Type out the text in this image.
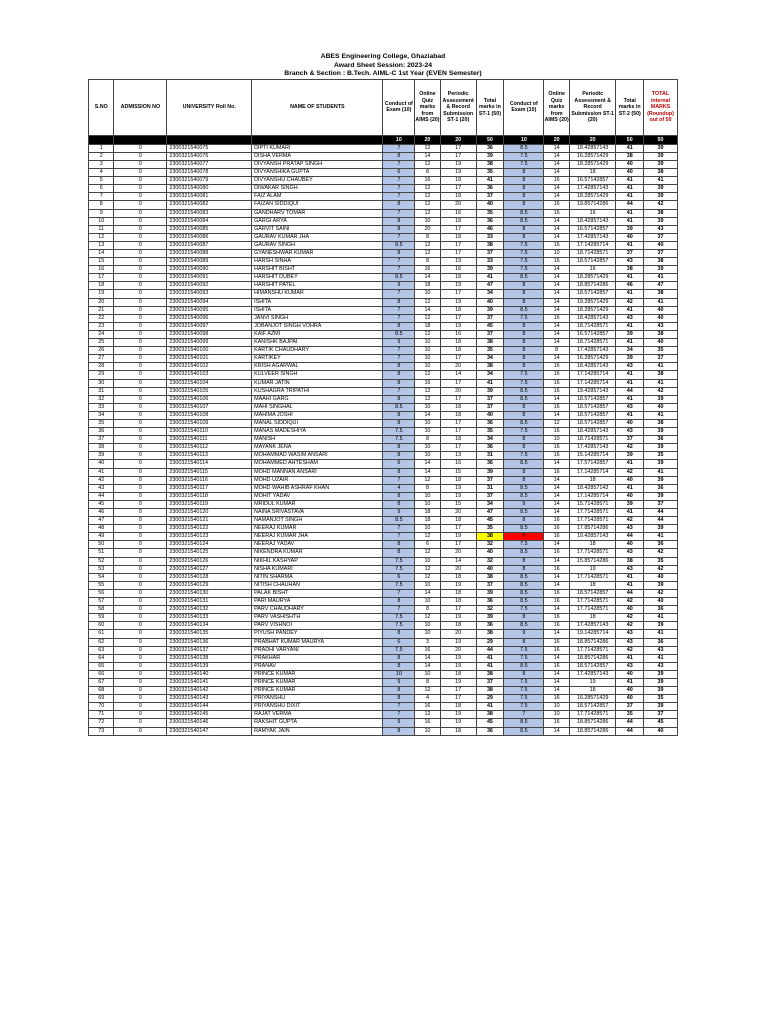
ABES Engineering College, Ghaziabad
Award Sheet Session: 2023-24
Branch & Section : B.Tech. AIML-C 1st Year (EVEN Semester)
S.NO	ADMISSION NO	UNIVERSITY Roll No.	NAME OF STUDENTS	Conduct of Exam (10)	Online Quiz marks from AIMS (20)	Periodic Assessment & Record Submission ST-1 (20)	Total marks in ST-1 (50)	Conduct of Exam (10)	Online Quiz marks from AIMS (20)	Periodic Assessment & Record Submission ST-1 (20)	Total marks in ST-2 (50)	TOTAL internal MARKS (Roundup) out of 50
				10	20	20	50	10	20	20	50	50
1	0	2300321540075	DIPTI KUMARI	7	12	17	36	8.5	14	18.42857143	41	39
2	0	2300321540076	DISHA VERMA	8	14	17	39	7.5	14	16.28571429	38	39
3	0	2300321540077	DIVYANSH PRATAP SINGH	7	12	19	38	7.5	14	18.28571429	40	39
4	0	2300321540078	DIVYANSHIKA GUPTA	6	8	19	35	8	14	18	40	38
5	0	2300321540079	DIVYANSHU CHAUBEY	7	16	18	41	8	16	16.57142857	41	41
6	0	2300321540080	DIWAKAR SINGH	7	12	17	36	8	14	17.42857143	41	39
7	0	2300321540081	FAIZ ALAM	7	12	18	37	8	14	18.28571429	41	39
8	0	2300321540082	FAIZAN SIDDIQUI	8	12	20	40	8	16	19.85714286	44	42
9	0	2300321540083	GANDHARV TOMAR	7	12	16	35	8.5	16	16	41	38
10	0	2300321540084	GARGI ARYA	8	10	18	36	8.5	14	18.42857143	41	39
11	0	2300321540085	GARVIT SAINI	8	20	17	46	8	14	16.57142857	39	43
12	0	2300321540086	GAURAV KUMAR JHA	7	8	18	33	8	14	17.42857143	40	37
13	0	2300321540087	GAURAV SINGH	8.5	12	17	38	7.5	16	17.14285714	41	40
14	0	2300321540088	GYANESHWAR KUMAR	8	12	17	37	7.5	10	18.71428571	37	37
15	0	2300321540089	HARSH SINHA	7	8	19	33	7.5	16	18.57142857	43	38
16	0	2300321540090	HARSHIT BISHT	7	16	16	39	7.5	14	16	38	39
17	0	2300321540091	HARSHIT DUBEY	8.5	14	18	41	8.5	14	18.28571429	41	41
18	0	2300321540092	HARSHIT PATEL	9	18	19	47	8	14	18.85714286	46	47
19	0	2300321540093	HIMANSHU KUMAR	7	10	17	34	8	14	18.57142857	41	38
20	0	2300321540094	ISHITA	8	12	19	40	8	14	19.28571429	42	41
21	0	2300321540095	ISHITA	7	14	18	39	8.5	14	18.28571429	41	40
22	0	2300321540096	JANVI SINGH	7	12	17	37	7.5	16	18.42857143	43	40
23	0	2300321540097	JOBANJOT SINGH VOHRA	8	18	19	45	8	14	18.71428571	41	43
24	0	2300321540098	KAIF AZMI	8.5	12	16	37	8	14	16.57142857	39	38
25	0	2300321540099	KANISHK BAJPAI	9	10	18	38	8	14	18.71428571	41	40
26	0	2300321540100	KARTIK CHAUDHARY	7	10	18	35	8	8	17.42857143	34	35
27	0	2300321540101	KARTIKEY	7	10	17	34	8	14	16.28571429	39	37
28	0	2300321540102	KRISH AGARWAL	8	10	20	38	8	16	18.42857143	43	41
29	0	2300321540103	KULVEER SINGH	8	12	14	34	7.5	16	17.14285714	41	38
30	0	2300321540104	KUMAR JATIN	8	16	17	41	7.5	16	17.14285714	41	41
31	0	2300321540105	KUSHAGRA TRIPATHI	7	12	20	39	8.5	16	19.42857143	44	42
32	0	2300321540106	MAAHI GARG	8	12	17	37	8.5	14	18.57142857	41	39
33	0	2300321540107	MAHI SINGHAL	8.5	10	18	37	8	16	18.57142857	43	40
34	0	2300321540108	MAHIMA JOSHI	8	14	18	40	8	14	18.57142857	41	41
35	0	2300321540109	MANAL SIDDIQUI	8	10	17	36	8.5	12	18.57142857	40	38
36	0	2300321540110	MANAS MADESHIYA	7.5	10	17	35	7.5	16	18.42857143	43	39
37	0	2300321540111	MANISH	7.5	8	18	34	8	10	18.71428571	37	36
38	0	2300321540112	MAYANK JENA	8	10	17	36	8	16	17.42857143	42	39
39	0	2300321540113	MOHAMMAD WASIM ANSARI	8	10	13	31	7.5	16	15.14285714	39	35
40	0	2300321540114	MOHAMMED AHTESHAM	6	14	16	36	8.5	14	17.57142857	41	39
41	0	2300321540115	MOHD MANNAN ANSARI	8	14	15	39	8	16	17.14285714	42	41
42	0	2300321540116	MOHD UZAIR	7	12	18	37	8	14	18	40	39
43	0	2300321540117	MOHD WAHIB ASHRAF KHAN	4	8	19	31	8.5	14	18.42857143	41	36
44	0	2300321540118	MOHIT YADAV	8	10	19	37	8.5	14	17.14285714	40	39
45	0	2300321540119	MRIDUL KUMAR	8	10	15	34	9	14	15.71428571	39	37
46	0	2300321540120	NAINA SRIVASTAVA	9	18	20	47	8.5	14	17.71428571	41	44
47	0	2300321540121	NAMANJOT SINGH	8.5	18	18	45	8	16	17.71428571	42	44
48	0	2300321540122	NEERAJ KUMAR	7	10	17	35	8.5	16	17.85714286	43	39
49	0	2300321540123	NEERAJ KUMAR JHA	7	12	19	38	9	16	19.42857143	44	41
50	0	2300321540124	NEERAJ YADAV	8	6	17	32	7.5	14	18	40	36
51	0	2300321540125	NIKENDRA KUMAR	8	12	20	40	8.5	16	17.71428571	43	42
52	0	2300321540126	NIKHIL KASHYAP	7.5	10	14	32	8	14	15.85714286	38	35
53	0	2300321540127	NISHA KUMARI	7.5	12	20	40	8	16	19	43	42
54	0	2300321540128	NITIN SHARMA	6	12	18	38	8.5	14	17.71428571	41	40
55	0	2300321540129	NITISH CHAUHAN	7.5	10	19	37	8.5	14	18	41	39
56	0	2300321540130	PALAK BISHT	7	14	18	39	8.5	16	18.57142857	44	42
57	0	2300321540131	PARI MAURYA	8	10	18	36	8.5	16	17.71428571	42	40
58	0	2300321540132	PARV CHAUDHARY	7	8	17	32	7.5	14	17.71428571	40	36
59	0	2300321540133	PARV VASHISHTH	7.5	12	19	39	8	16	18	42	41
60	0	2300321540134	PARV VISHNOI	7.5	10	18	36	8.5	16	17.42857143	42	39
61	0	2300321540135	PIYUSH PANDEY	8	10	20	38	9	14	19.14285714	43	41
62	0	2300321540136	PRABHAT KUMAR MAURYA	6	3	19	29	8	16	18.85714286	43	36
63	0	2300321540137	PRADHI VARYANI	7.5	16	20	44	7.5	16	17.71428571	42	43
64	0	2300321540138	PRAKHAR	8	14	19	41	7.5	14	18.85714286	41	41
65	0	2300321540139	PRANAV	8	14	19	41	8.5	16	18.57142857	43	43
66	0	2300321540140	PRINCE KUMAR	10	10	18	38	8	14	17.42857143	40	39
67	0	2300321540141	PRINCE KUMAR	9	8	19	37	7.5	14	19	41	39
68	0	2300321540142	PRINCE KUMAR	8	12	17	38	7.5	14	18	40	39
69	0	2300321540143	PRIYANSHU	8	4	17	29	7.5	16	16.28571429	40	35
70	0	2300321540144	PRIYANSHU DIXIT	7	16	18	41	7.5	10	18.57142857	37	39
71	0	2300321540145	RAJAT VERMA	7	12	19	38	7	10	17.71428571	35	37
72	0	2300321540146	RAKSHIT GUPTA	9	16	19	45	8.5	16	18.85714286	44	45
73	0	2300321540147	RAMYAK JAIN	8	10	18	36	8.5	14	18.85714286	44	40
